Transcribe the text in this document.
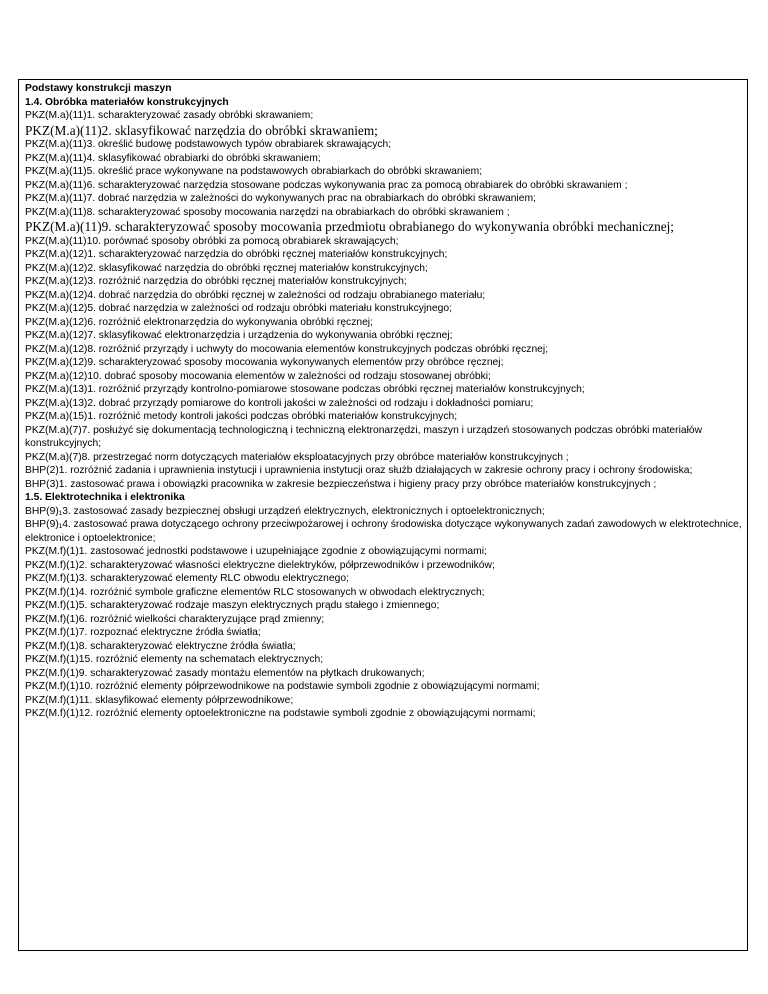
Podstawy konstrukcji maszyn

1.4. Obróbka materiałów konstrukcyjnych

PKZ(M.a)(11)1. scharakteryzować zasady obróbki skrawaniem;

PKZ(M.a)(11)2. sklasyfikować narzędzia do obróbki skrawaniem;

PKZ(M.a)(11)3. określić budowę podstawowych typów obrabiarek skrawających;

PKZ(M.a)(11)4. sklasyfikować obrabiarki do obróbki skrawaniem;

PKZ(M.a)(11)5. określić prace wykonywane na podstawowych obrabiarkach do obróbki skrawaniem;

PKZ(M.a)(11)6. scharakteryzować narzędzia stosowane podczas wykonywania prac za pomocą obrabiarek do obróbki skrawaniem ;

PKZ(M.a)(11)7. dobrać narzędzia w zależności do wykonywanych prac na obrabiarkach do obróbki skrawaniem;

PKZ(M.a)(11)8. scharakteryzować sposoby mocowania narzędzi na obrabiarkach do obróbki skrawaniem ;

PKZ(M.a)(11)9. scharakteryzować sposoby mocowania przedmiotu obrabianego do wykonywania obróbki mechanicznej;

PKZ(M.a)(11)10. porównać sposoby obróbki za pomocą obrabiarek skrawających;

PKZ(M.a)(12)1. scharakteryzować narzędzia do obróbki ręcznej materiałów konstrukcyjnych;

PKZ(M.a)(12)2. sklasyfikować narzędzia do obróbki ręcznej materiałów konstrukcyjnych;

PKZ(M.a)(12)3. rozróżnić narzędzia do obróbki ręcznej materiałów konstrukcyjnych;

PKZ(M.a)(12)4. dobrać narzędzia do obróbki ręcznej w zależności od rodzaju obrabianego materiału;

PKZ(M.a)(12)5. dobrać narzędzia w zależności od rodzaju obróbki materiału konstrukcyjnego;

PKZ(M.a)(12)6. rozróżnić elektronarzędzia do wykonywania obróbki ręcznej;

PKZ(M.a)(12)7. sklasyfikować elektronarzędzia i urządzenia do wykonywania obróbki ręcznej;

PKZ(M.a)(12)8. rozróżnić przyrządy i uchwyty do mocowania elementów konstrukcyjnych podczas obróbki ręcznej;

PKZ(M.a)(12)9. scharakteryzować sposoby mocowania wykonywanych elementów przy obróbce ręcznej;

PKZ(M.a)(12)10. dobrać sposoby mocowania elementów w zależności od rodzaju stosowanej obróbki;

PKZ(M.a)(13)1. rozróżnić przyrządy kontrolno-pomiarowe stosowane podczas obróbki ręcznej materiałów konstrukcyjnych;

PKZ(M.a)(13)2. dobrać przyrządy pomiarowe do kontroli jakości w zależności od rodzaju i dokładności pomiaru;

PKZ(M.a)(15)1. rozróżnić metody kontroli jakości podczas obróbki materiałów konstrukcyjnych;

PKZ(M.a)(7)7. posłużyć się dokumentacją technologiczną i techniczną elektronarzędzi, maszyn i urządzeń stosowanych podczas obróbki materiałów konstrukcyjnych;

PKZ(M.a)(7)8. przestrzegać norm dotyczących materiałów eksploatacyjnych przy obróbce materiałów konstrukcyjnych ;

BHP(2)1. rozróżnić zadania i uprawnienia instytucji i uprawnienia instytucji oraz służb działających w zakresie ochrony pracy i ochrony środowiska;

BHP(3)1. zastosować prawa i obowiązki pracownika w zakresie bezpieczeństwa i higieny pracy przy obróbce materiałów konstrukcyjnych ;

1.5. Elektrotechnika i elektronika

BHP(9)₁3. zastosować zasady bezpiecznej obsługi urządzeń elektrycznych, elektronicznych i optoelektronicznych;

BHP(9)₁4. zastosować prawa dotyczącego ochrony przeciwpożarowej i ochrony środowiska dotyczące wykonywanych zadań zawodowych w elektrotechnice, elektronice i optoelektronice;

PKZ(M.f)(1)1. zastosować jednostki podstawowe i uzupełniające zgodnie z obowiązującymi normami;

PKZ(M.f)(1)2. scharakteryzować własności elektryczne dielektryków, półprzewodników i przewodników;

PKZ(M.f)(1)3. scharakteryzować elementy RLC obwodu elektrycznego;

PKZ(M.f)(1)4. rozróżnić symbole graficzne elementów RLC stosowanych w obwodach elektrycznych;

PKZ(M.f)(1)5. scharakteryzować rodzaje maszyn elektrycznych prądu stałego i zmiennego;

PKZ(M.f)(1)6. rozróżnić wielkości charakteryzujące prąd zmienny;

PKZ(M.f)(1)7. rozpoznać elektryczne źródła światła;

PKZ(M.f)(1)8. scharakteryzować elektryczne źródła światła;

PKZ(M.f)(1)15. rozróżnić elementy na schematach elektrycznych;

PKZ(M.f)(1)9. scharakteryzować zasady montażu elementów na płytkach drukowanych;

PKZ(M.f)(1)10. rozróżnić elementy półprzewodnikowe na podstawie symboli zgodnie z obowiązującymi normami;

PKZ(M.f)(1)11. sklasyfikować elementy półprzewodnikowe;

PKZ(M.f)(1)12. rozróżnić elementy optoelektroniczne na podstawie symboli zgodnie z obowiązującymi normami;
